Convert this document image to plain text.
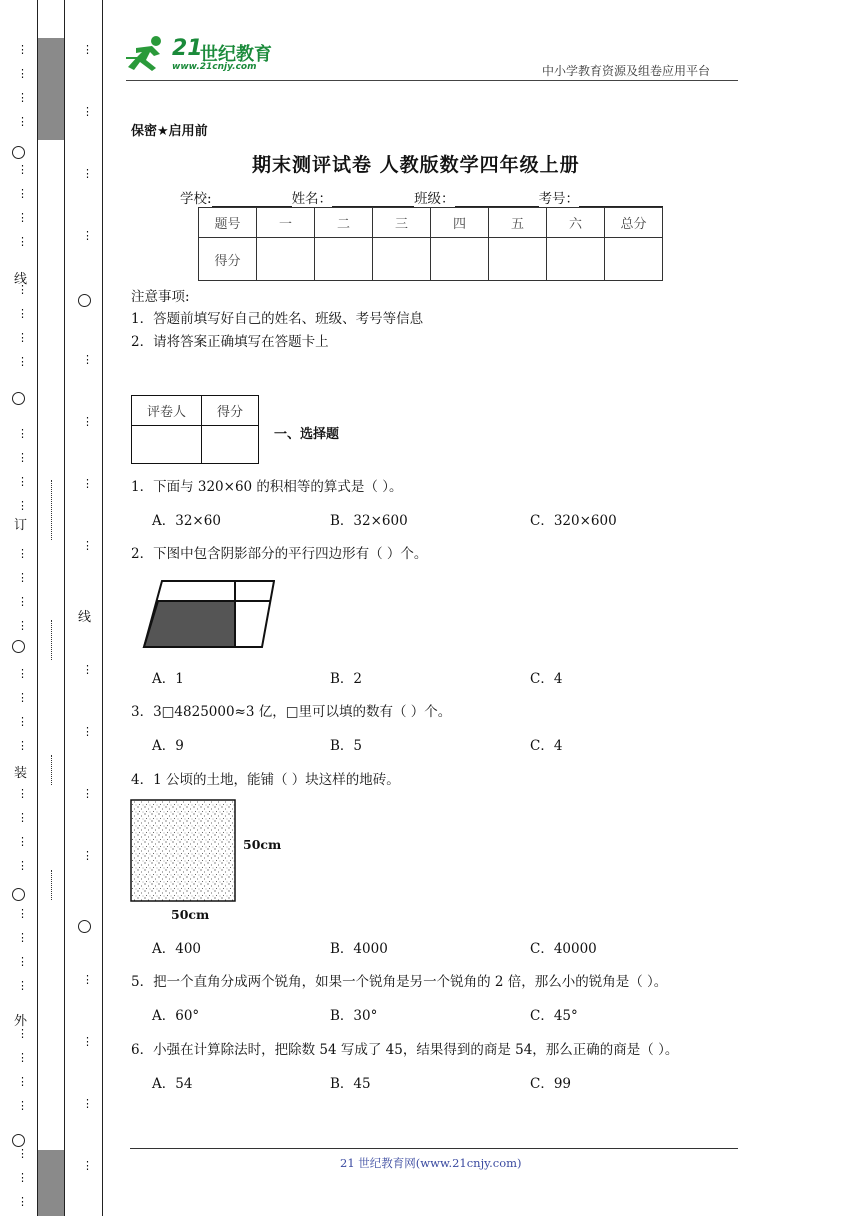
⋮
⋮
⋮
⋮
⋮
⋮
⋮
⋮
⋮
⋮
⋮
⋮
⋮
⋮
⋮
⋮
⋮
⋮
⋮
⋮
⋮
⋮
⋮
⋮
⋮
⋮
⋮
⋮
⋮
⋮
⋮
⋮
⋮
⋮
⋮
⋮
⋮
⋮
⋮
线
订
装
外
⋮
⋮
⋮
⋮
⋮
⋮
⋮
⋮
⋮
⋮
⋮
⋮
⋮
⋮
⋮
⋮
线
21
世纪教育
www.21cnjy.com	中小学教育资源及组卷应用平台
保密★启用前
期末测评试卷 人教版数学四年级上册
学校:	姓名：	班级：	考号：
题号	一	二	三	四	五	六	总分
得分							
注意事项:
1．答题前填写好自己的姓名、班级、考号等信息
2．请将答案正确填写在答题卡上
评卷人	得分

一、选择题
1．下面与 320×60 的积相等的算式是（ ）。
A．32×60	B．32×600	C．320×600
2．下图中包含阴影部分的平行四边形有（ ）个。
A．1	B．2	C．4
3．3□4825000≈3 亿，□里可以填的数有（ ）个。
A．9	B．5	C．4
4．1 公顷的土地，能铺（ ）块这样的地砖。
50cm
50cm
A．400	B．4000	C．40000
5．把一个直角分成两个锐角，如果一个锐角是另一个锐角的 2 倍，那么小的锐角是（ ）。
A．60°	B．30°	C．45°
6．小强在计算除法时，把除数 54 写成了 45，结果得到的商是 54，那么正确的商是（ ）。
A．54	B．45	C．99
21 世纪教育网(www.21cnjy.com)
